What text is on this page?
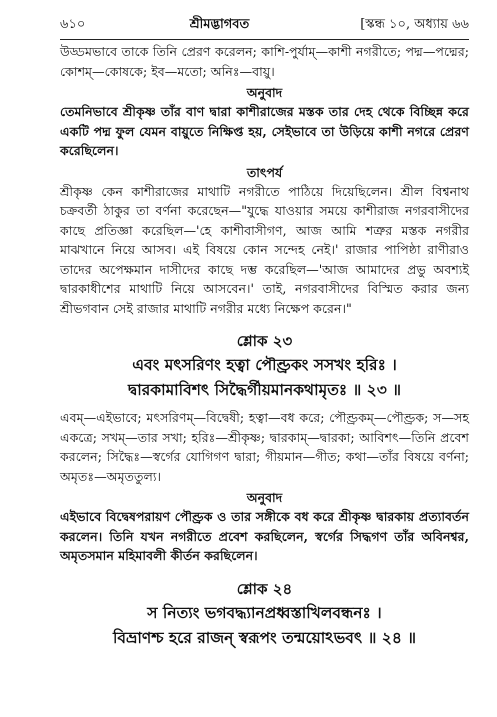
৬১০	শ্রীমদ্ভাগবত	[স্কন্ধ ১০, অধ্যায় ৬৬

উড্ডমভাবে তাকে তিনি প্রেরণ করেলন; কাশি-পুর্যাম্—কাশী নগরীতে; পদ্ম—পদ্মের; কোশম্—কোষকে; ইব—মতো; অনিঃ—বায়ু।

অনুবাদ

তেমনিভাবে শ্রীকৃষ্ণ তাঁর বাণ দ্বারা কাশীরাজের মস্তক তার দেহ থেকে বিচ্ছিন্ন করে একটি পদ্ম ফুল যেমন বায়ুতে নিক্ষিপ্ত হয়, সেইভাবে তা উড়িয়ে কাশী নগরে প্রেরণ করেছিলেন।

তাৎপর্য

শ্রীকৃষ্ণ কেন কাশীরাজের মাথাটি নগরীতে পাঠিয়ে দিয়েছিলেন। শ্রীল বিশ্বনাথ চক্রবর্তী ঠাকুর তা বর্ণনা করেছেন—"যুদ্ধে যাওয়ার সময়ে কাশীরাজ নগরবাসীদের কাছে প্রতিজ্ঞা করেছিল—'হে কাশীবাসীগণ, আজ আমি শত্রুর মস্তক নগরীর মাঝখানে নিয়ে আসব। এই বিষয়ে কোন সন্দেহ নেই।' রাজার পাপিষ্ঠা রাণীরাও তাদের অপেক্ষমান দাসীদের কাছে দম্ভ করেছিল—'আজ আমাদের প্রভু অবশ্যই দ্বারকাধীশের মাথাটি নিয়ে আসবেন।' তাই, নগরবাসীদের বিস্মিত করার জন্য শ্রীভগবান সেই রাজার মাথাটি নগরীর মধ্যে নিক্ষেপ করেন।"

শ্লোক ২৩
এবং মৎসরিণং হত্বা পৌণ্ড্রকং সসখং হরিঃ ।
দ্বারকামাবিশৎ সিদ্ধৈর্গীয়মানকথামৃতঃ ॥ ২৩ ॥

এবম্—এইভাবে; মৎসরিণম্—বিদ্বেষী; হত্বা—বধ করে; পৌণ্ড্রকম্—পৌণ্ড্রক; স—সহ একত্রে; সখম্—তার সখা; হরিঃ—শ্রীকৃষ্ণ; দ্বারকাম্—দ্বারকা; আবিশৎ—তিনি প্রবেশ করলেন; সিদ্ধৈঃ—স্বর্গের যোগিগণ দ্বারা; গীয়মান—গীত; কথা—তাঁর বিষয়ে বর্ণনা; অমৃতঃ—অমৃততুল্য।

অনুবাদ

এইভাবে বিদ্বেষপরায়ণ পৌণ্ড্রক ও তার সঙ্গীকে বধ করে শ্রীকৃষ্ণ দ্বারকায় প্রত্যাবর্তন করলেন। তিনি যখন নগরীতে প্রবেশ করছিলেন, স্বর্গের সিদ্ধগণ তাঁর অবিনশ্বর, অমৃতসমান মহিমাবলী কীর্তন করছিলেন।

শ্লোক ২৪
স নিত্যং ভগবদ্ধ্যানপ্রধ্বস্তাখিলবন্ধনঃ ।
বিভ্রাণশ্চ হরে রাজন্ স্বরূপং তন্ময়োঽভবৎ ॥ ২৪ ॥
